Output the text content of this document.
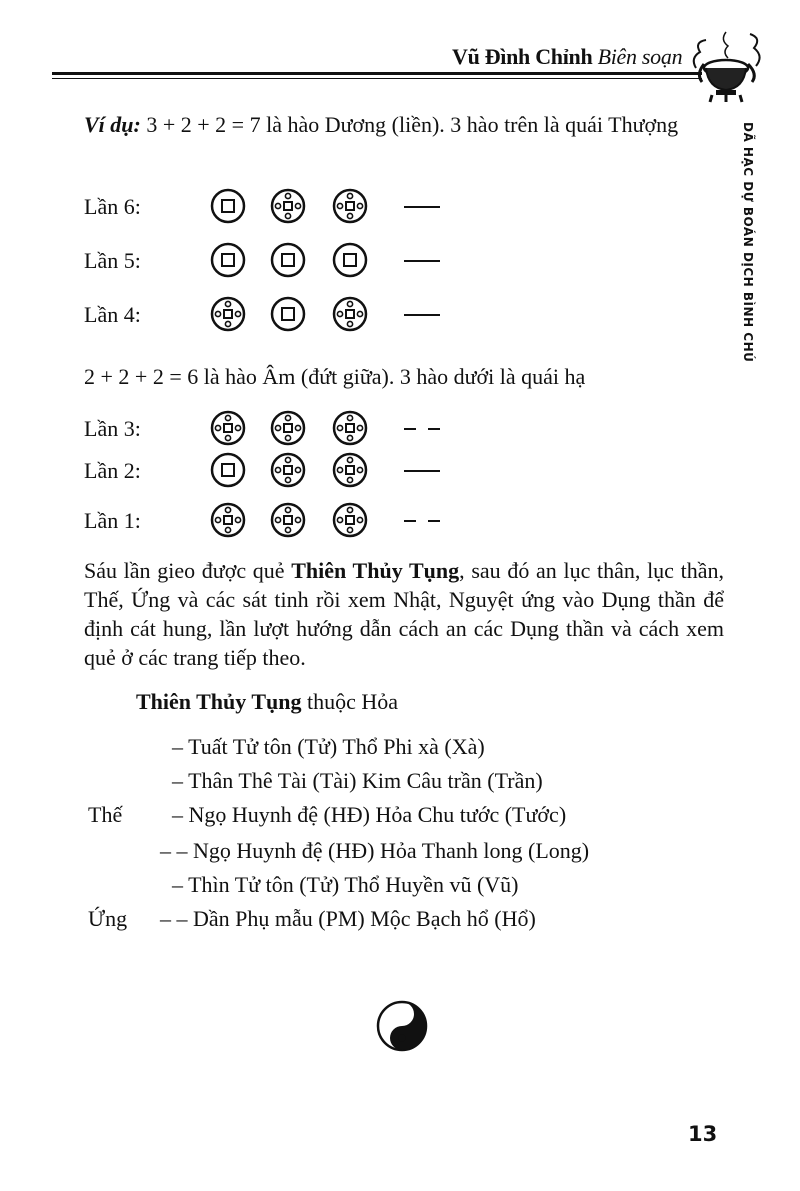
Vũ Đình Chỉnh Biên soạn
DÃ HẠC DỰ BOÁN DỊCH BÌNH CHÚ
Ví dụ: 3 + 2 + 2 = 7 là hào Dương (liền). 3 hào trên là quái Thượng
Lần 6:
Lần 5:
Lần 4:
2 + 2 + 2 = 6 là hào Âm (đứt giữa). 3 hào dưới là quái hạ
Lần 3:
Lần 2:
Lần 1:
Sáu lần gieo được quẻ Thiên Thủy Tụng, sau đó an lục thân, lục thần, Thế, Ứng và các sát tinh rồi xem Nhật, Nguyệt ứng vào Dụng thần để định cát hung, lần lượt hướng dẫn cách an các Dụng thần và cách xem quẻ ở các trang tiếp theo.
Thiên Thủy Tụng thuộc Hỏa
– Tuất Tử tôn (Tử) Thổ Phi xà (Xà)
– Thân Thê Tài (Tài) Kim Câu trần (Trần)
Thế – Ngọ Huynh đệ (HĐ) Hỏa Chu tước (Tước)
– – Ngọ Huynh đệ (HĐ) Hỏa Thanh long (Long)
– Thìn Tử tôn (Tử) Thổ Huyền vũ (Vũ)
Ứng – – Dần Phụ mẫu (PM) Mộc Bạch hổ (Hổ)
13
